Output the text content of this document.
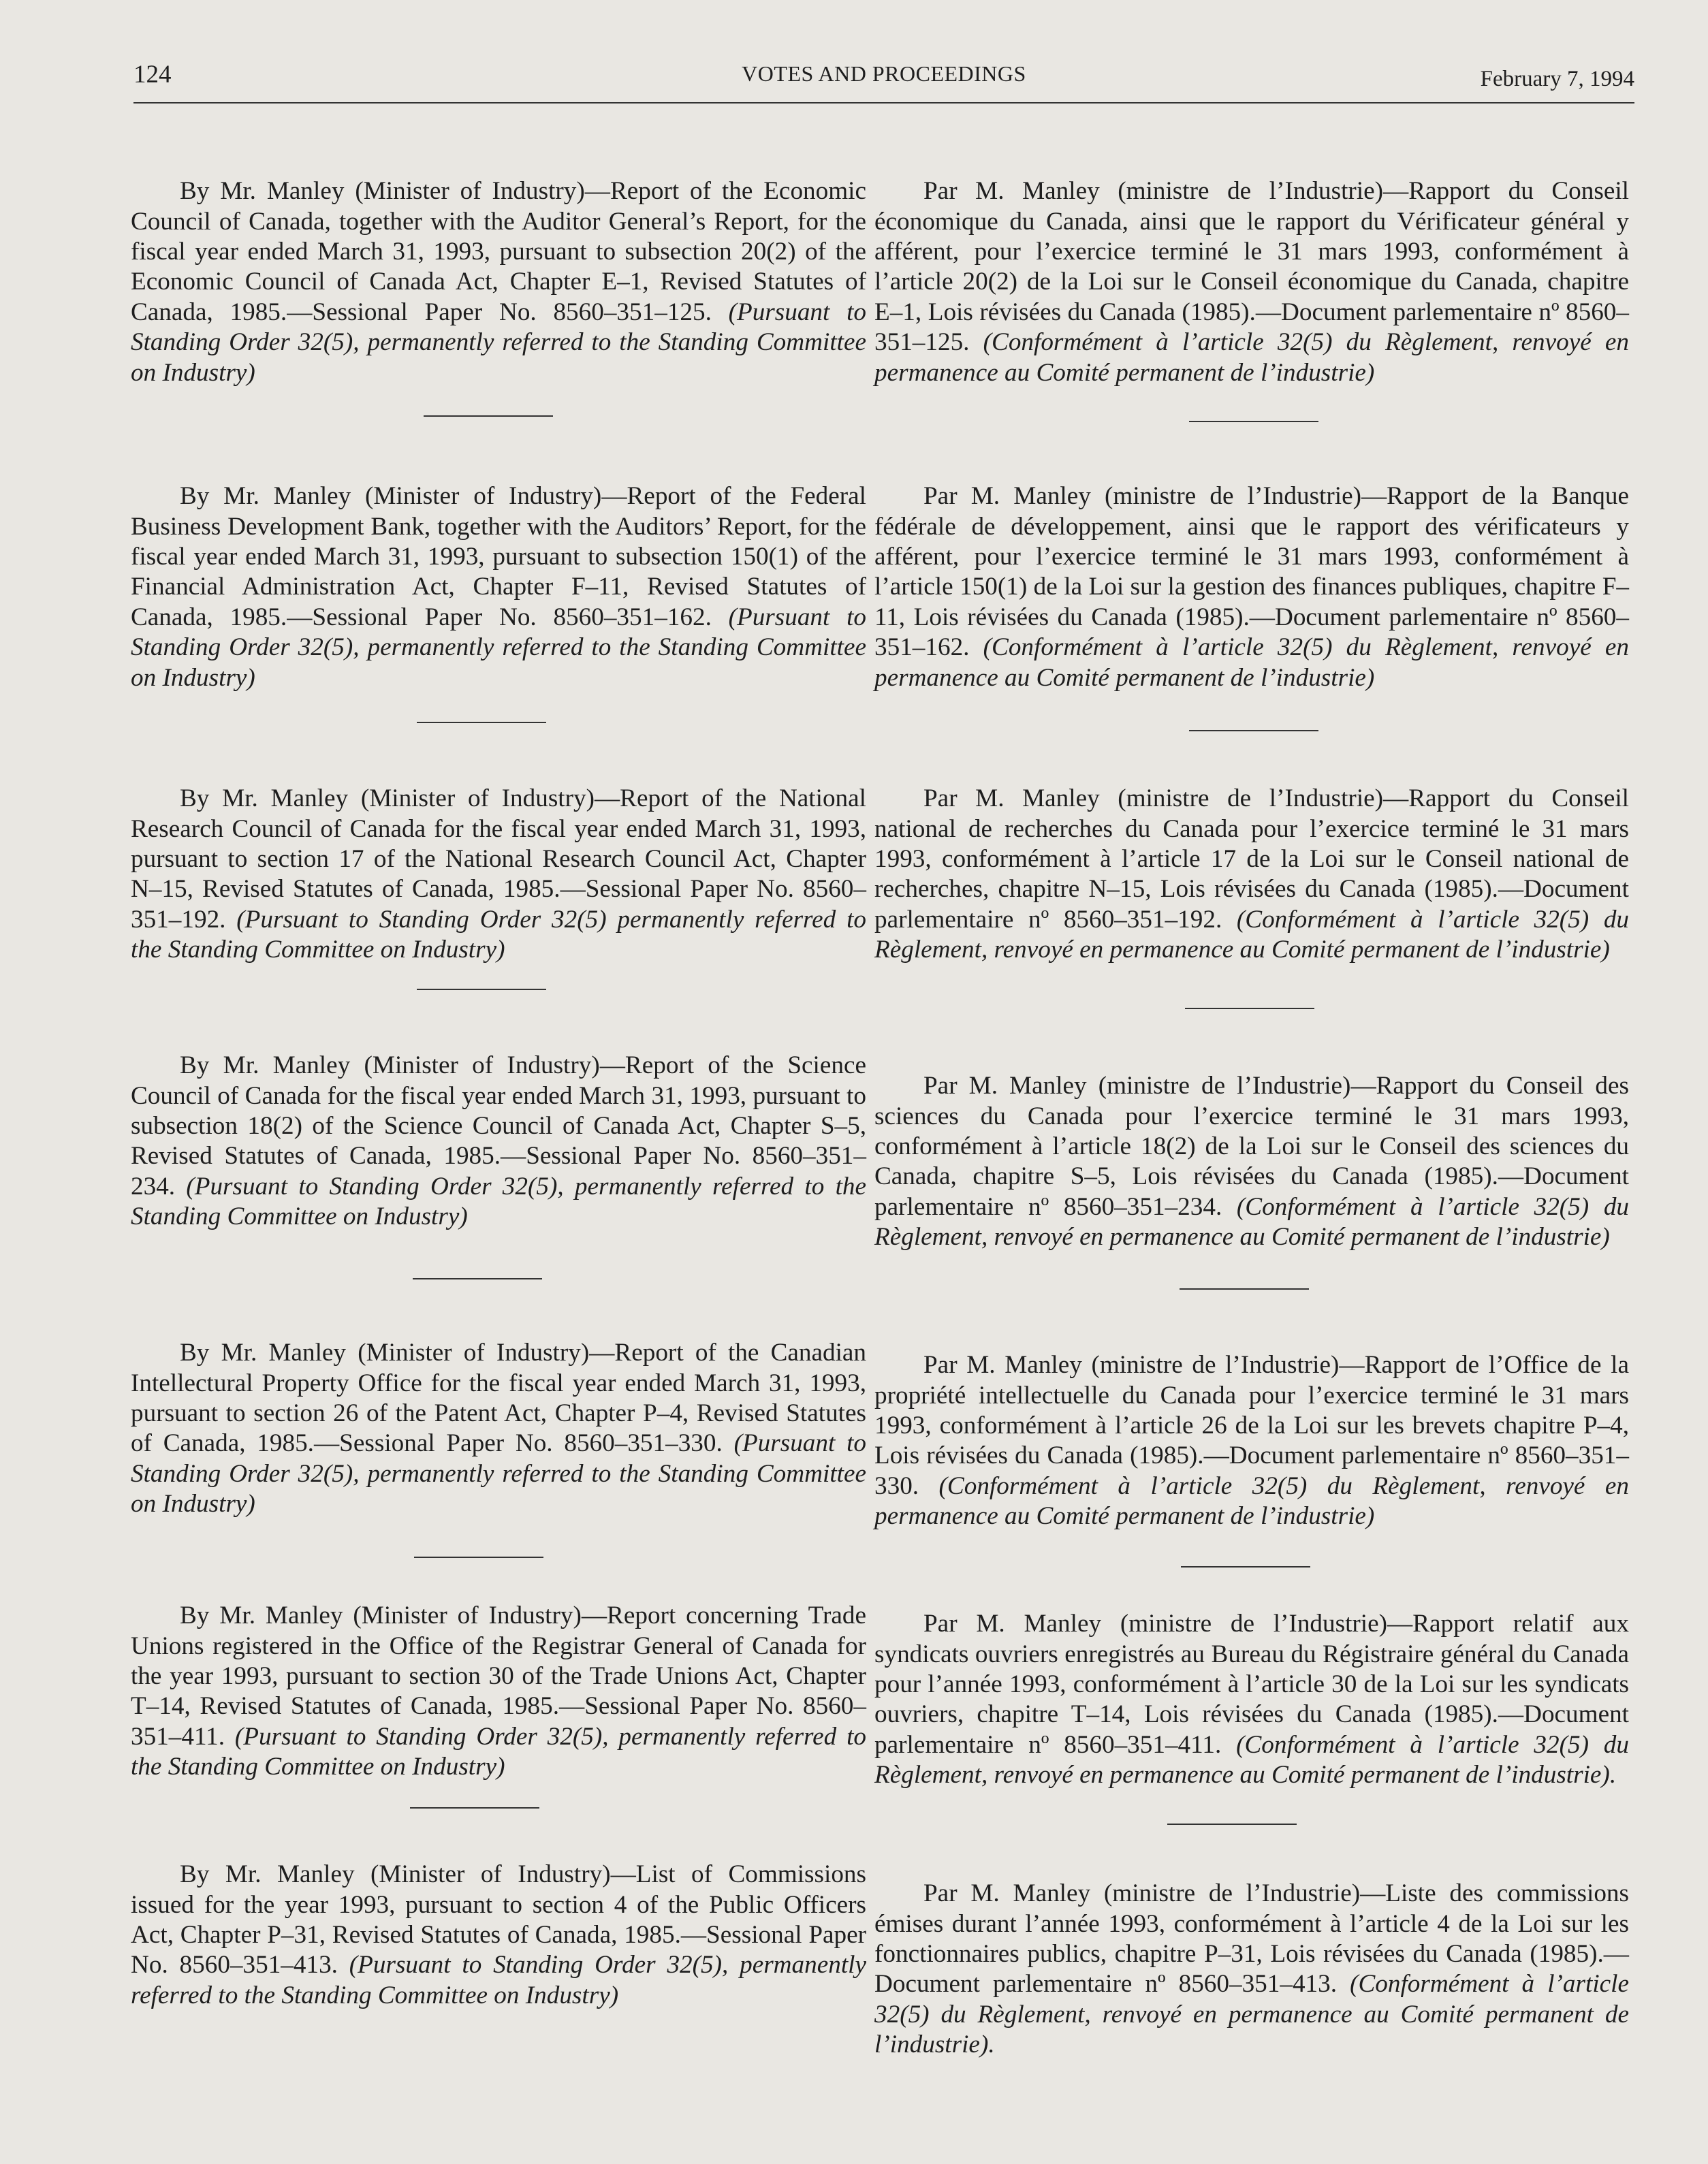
124	VOTES AND PROCEEDINGS	February 7, 1994

By Mr. Manley (Minister of Industry)—Report of the Economic Council of Canada, together with the Auditor General’s Report, for the fiscal year ended March 31, 1993, pursuant to subsection 20(2) of the Economic Council of Canada Act, Chapter E–1, Revised Statutes of Canada, 1985.—Sessional Paper No. 8560–351–125. (Pursuant to Standing Order 32(5), permanently referred to the Standing Committee on Industry)

By Mr. Manley (Minister of Industry)—Report of the Federal Business Development Bank, together with the Auditors’ Report, for the fiscal year ended March 31, 1993, pursuant to subsection 150(1) of the Financial Administration Act, Chapter F–11, Revised Statutes of Canada, 1985.—Sessional Paper No. 8560–351–162. (Pursuant to Standing Order 32(5), permanently referred to the Standing Committee on Industry)

By Mr. Manley (Minister of Industry)—Report of the National Research Council of Canada for the fiscal year ended March 31, 1993, pursuant to section 17 of the National Research Council Act, Chapter N–15, Revised Statutes of Canada, 1985.—Sessional Paper No. 8560–351–192. (Pursuant to Standing Order 32(5) permanently referred to the Standing Committee on Industry)

By Mr. Manley (Minister of Industry)—Report of the Science Council of Canada for the fiscal year ended March 31, 1993, pursuant to subsection 18(2) of the Science Council of Canada Act, Chapter S–5, Revised Statutes of Canada, 1985.—Sessional Paper No. 8560–351–234. (Pursuant to Standing Order 32(5), permanently referred to the Standing Committee on Industry)

By Mr. Manley (Minister of Industry)—Report of the Canadian Intellectural Property Office for the fiscal year ended March 31, 1993, pursuant to section 26 of the Patent Act, Chapter P–4, Revised Statutes of Canada, 1985.—Sessional Paper No. 8560–351–330. (Pursuant to Standing Order 32(5), permanently referred to the Standing Committee on Industry)

By Mr. Manley (Minister of Industry)—Report concerning Trade Unions registered in the Office of the Registrar General of Canada for the year 1993, pursuant to section 30 of the Trade Unions Act, Chapter T–14, Revised Statutes of Canada, 1985.—Sessional Paper No. 8560–351–411. (Pursuant to Standing Order 32(5), permanently referred to the Standing Committee on Industry)

By Mr. Manley (Minister of Industry)—List of Commissions issued for the year 1993, pursuant to section 4 of the Public Officers Act, Chapter P–31, Revised Statutes of Canada, 1985.—Sessional Paper No. 8560–351–413. (Pursuant to Standing Order 32(5), permanently referred to the Standing Committee on Industry)

Par M. Manley (ministre de l’Industrie)—Rapport du Conseil économique du Canada, ainsi que le rapport du Vérificateur général y afférent, pour l’exercice terminé le 31 mars 1993, conformément à l’article 20(2) de la Loi sur le Conseil économique du Canada, chapitre E–1, Lois révisées du Canada (1985).—Document parlementaire nº 8560–351–125. (Conformément à l’article 32(5) du Règlement, renvoyé en permanence au Comité permanent de l’industrie)

Par M. Manley (ministre de l’Industrie)—Rapport de la Banque fédérale de développement, ainsi que le rapport des vérificateurs y afférent, pour l’exercice terminé le 31 mars 1993, conformément à l’article 150(1) de la Loi sur la gestion des finances publiques, chapitre F–11, Lois révisées du Canada (1985).—Document parlementaire nº 8560–351–162. (Conformément à l’article 32(5) du Règlement, renvoyé en permanence au Comité permanent de l’industrie)

Par M. Manley (ministre de l’Industrie)—Rapport du Conseil national de recherches du Canada pour l’exercice terminé le 31 mars 1993, conformément à l’article 17 de la Loi sur le Conseil national de recherches, chapitre N–15, Lois révisées du Canada (1985).—Document parlementaire nº 8560–351–192. (Conformément à l’article 32(5) du Règlement, renvoyé en permanence au Comité permanent de l’industrie)

Par M. Manley (ministre de l’Industrie)—Rapport du Conseil des sciences du Canada pour l’exercice terminé le 31 mars 1993, conformément à l’article 18(2) de la Loi sur le Conseil des sciences du Canada, chapitre S–5, Lois révisées du Canada (1985).—Document parlementaire nº 8560–351–234. (Conformément à l’article 32(5) du Règlement, renvoyé en permanence au Comité permanent de l’industrie)

Par M. Manley (ministre de l’Industrie)—Rapport de l’Office de la propriété intellectuelle du Canada pour l’exercice terminé le 31 mars 1993, conformément à l’article 26 de la Loi sur les brevets chapitre P–4, Lois révisées du Canada (1985).—Document parlementaire nº 8560–351–330. (Conformément à l’article 32(5) du Règlement, renvoyé en permanence au Comité permanent de l’industrie)

Par M. Manley (ministre de l’Industrie)—Rapport relatif aux syndicats ouvriers enregistrés au Bureau du Régistraire général du Canada pour l’année 1993, conformément à l’article 30 de la Loi sur les syndicats ouvriers, chapitre T–14, Lois révisées du Canada (1985).—Document parlementaire nº 8560–351–411. (Conformément à l’article 32(5) du Règlement, renvoyé en permanence au Comité permanent de l’industrie).

Par M. Manley (ministre de l’Industrie)—Liste des commissions émises durant l’année 1993, conformément à l’article 4 de la Loi sur les fonctionnaires publics, chapitre P–31, Lois révisées du Canada (1985).—Document parlementaire nº 8560–351–413. (Conformément à l’article 32(5) du Règlement, renvoyé en permanence au Comité permanent de l’industrie).
